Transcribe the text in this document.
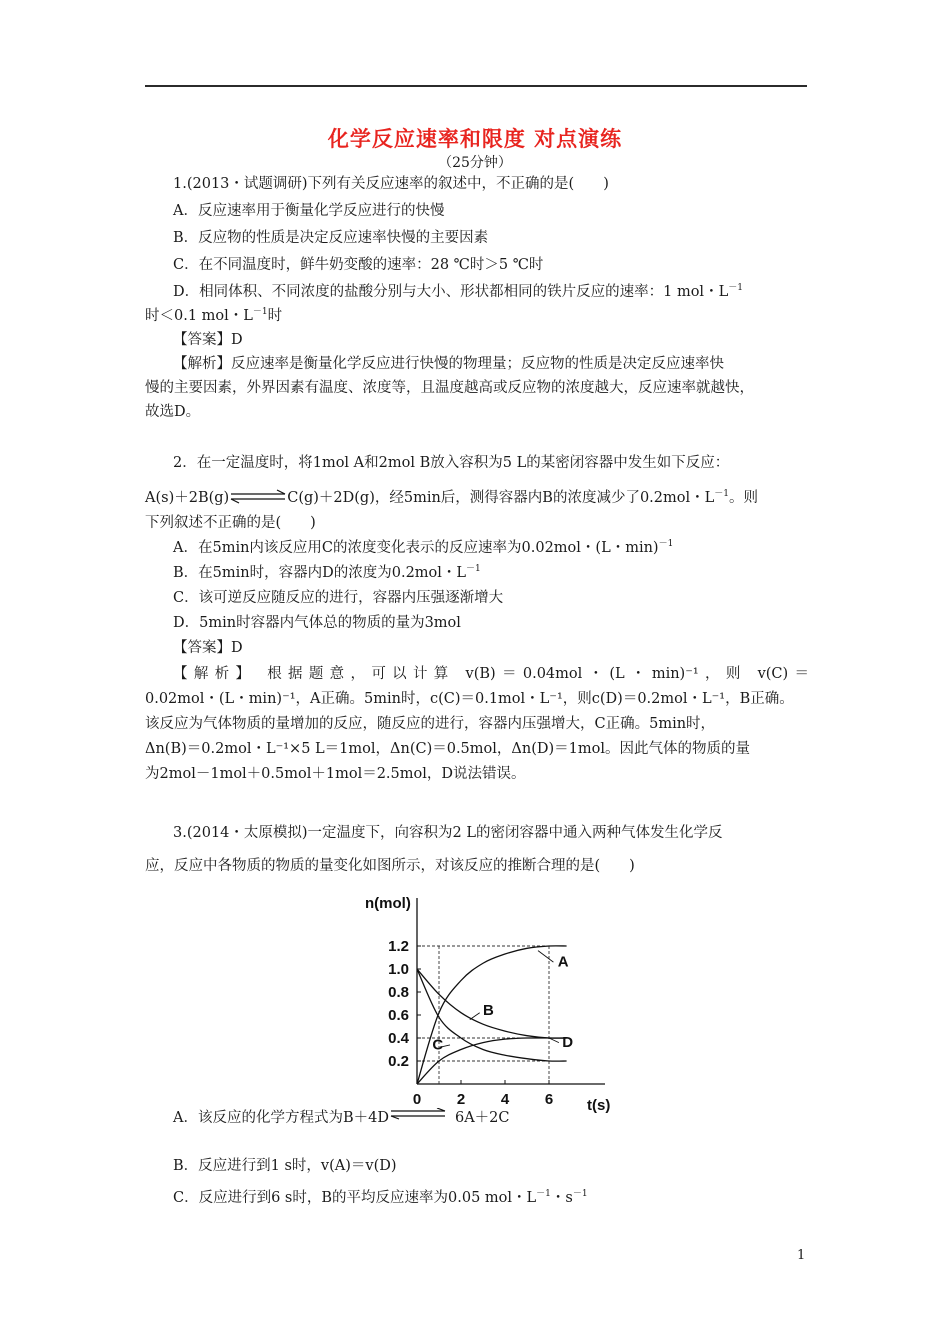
化学反应速率和限度 对点演练
（25分钟）
1.(2013・试题调研)下列有关反应速率的叙述中，不正确的是(　　)
A．反应速率用于衡量化学反应进行的快慢
B．反应物的性质是决定反应速率快慢的主要因素
C．在不同温度时，鲜牛奶变酸的速率：28 ℃时＞5 ℃时
D．相同体积、不同浓度的盐酸分别与大小、形状都相同的铁片反应的速率：1 mol・$L^{-1}$
时＜0.1 mol・$L^{-1}$时
【答案】D
【解析】反应速率是衡量化学反应进行快慢的物理量；反应物的性质是决定反应速率快
慢的主要因素，外界因素有温度、浓度等，且温度越高或反应物的浓度越大，反应速率就越快，
故选D。
2．在一定温度时，将1mol A和2mol B放入容积为5 L的某密闭容器中发生如下反应：
A(s)＋2B(g)⇌C(g)＋2D(g)，经5min后，测得容器内B的浓度减少了0.2mol・$L^{-1}$。则
下列叙述不正确的是(　　)
A．在5min内该反应用C的浓度变化表示的反应速率为0.02mol・(L・min)$^{-1}$
B．在5min时，容器内D的浓度为0.2mol・$L^{-1}$
C．该可逆反应随反应的进行，容器内压强逐渐增大
D．5min时容器内气体总的物质的量为3mol
【答案】D
【解析】 根据题意，可以计算 v(B)＝0.04mol・(L・min)⁻¹，则 v(C)＝
0.02mol・(L・min)⁻¹，A正确。5min时，c(C)＝0.1mol・L⁻¹，则c(D)＝0.2mol・L⁻¹，B正确。
该反应为气体物质的量增加的反应，随反应的进行，容器内压强增大，C正确。5min时，
Δn(B)＝0.2mol・L⁻¹×5 L＝1mol，Δn(C)＝0.5mol，Δn(D)＝1mol。因此气体的物质的量
为2mol－1mol＋0.5mol＋1mol＝2.5mol，D说法错误。
3.(2014・太原模拟)一定温度下，向容积为2 L的密闭容器中通入两种气体发生化学反
应，反应中各物质的物质的量变化如图所示，对该反应的推断合理的是(　　)
n(mol)
t(s)
0.2
0.4
0.6
0.8
1.0
1.2
0 2 4 6
A
B
C	D
A．该反应的化学方程式为B＋4D⇌ 6A＋2C
B．反应进行到1 s时，v(A)＝v(D)
C．反应进行到6 s时，B的平均反应速率为0.05 mol・$L^{-1}$・$s^{-1}$
1
